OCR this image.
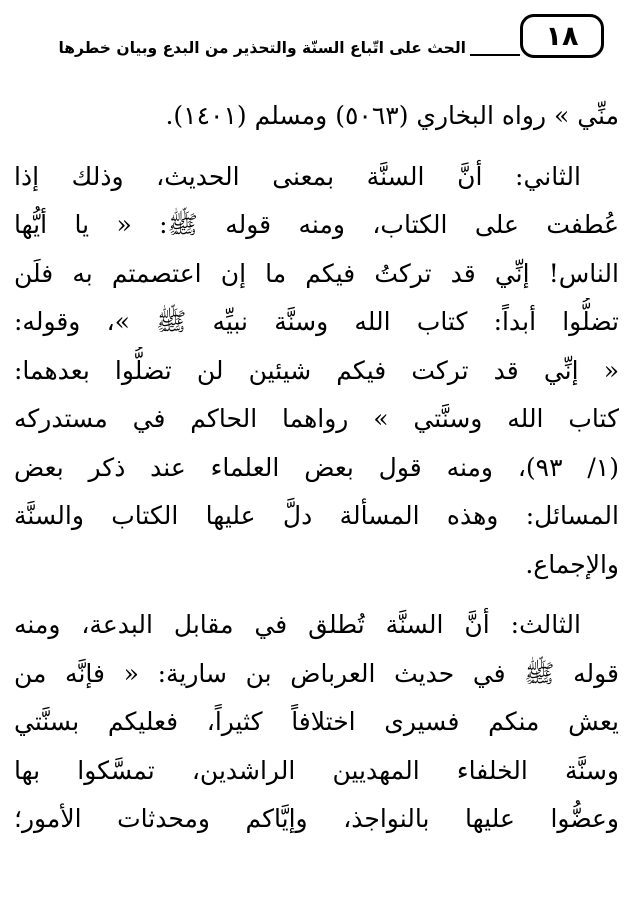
١٨
الحث على اتّباع السنّة والتحذير من البدع وبيان خطرها
منِّي » رواه البخاري (٥٠٦٣) ومسلم (١٤٠١).
الثاني: أنَّ السنَّة بمعنى الحديث، وذلك إذا
عُطفت على الكتاب، ومنه قوله ﷺ: « يا أيُّها
الناس! إنِّي قد تركتُ فيكم ما إن اعتصمتم به فلَن
تضلُّوا أبداً: كتاب الله وسنَّة نبيِّه ﷺ »، وقوله:
« إنِّي قد تركت فيكم شيئين لن تضلُّوا بعدهما:
كتاب الله وسنَّتي » رواهما الحاكم في مستدركه
(١/ ٩٣)، ومنه قول بعض العلماء عند ذكر بعض
المسائل: وهذه المسألة دلَّ عليها الكتاب والسنَّة
والإجماع.
الثالث: أنَّ السنَّة تُطلق في مقابل البدعة، ومنه
قوله ﷺ في حديث العرباض بن سارية: « فإنَّه من
يعش منكم فسيرى اختلافاً كثيراً، فعليكم بسنَّتي
وسنَّة الخلفاء المهديين الراشدين، تمسَّكوا بها
وعضُّوا عليها بالنواجذ، وإيَّاكم ومحدثات الأمور؛
